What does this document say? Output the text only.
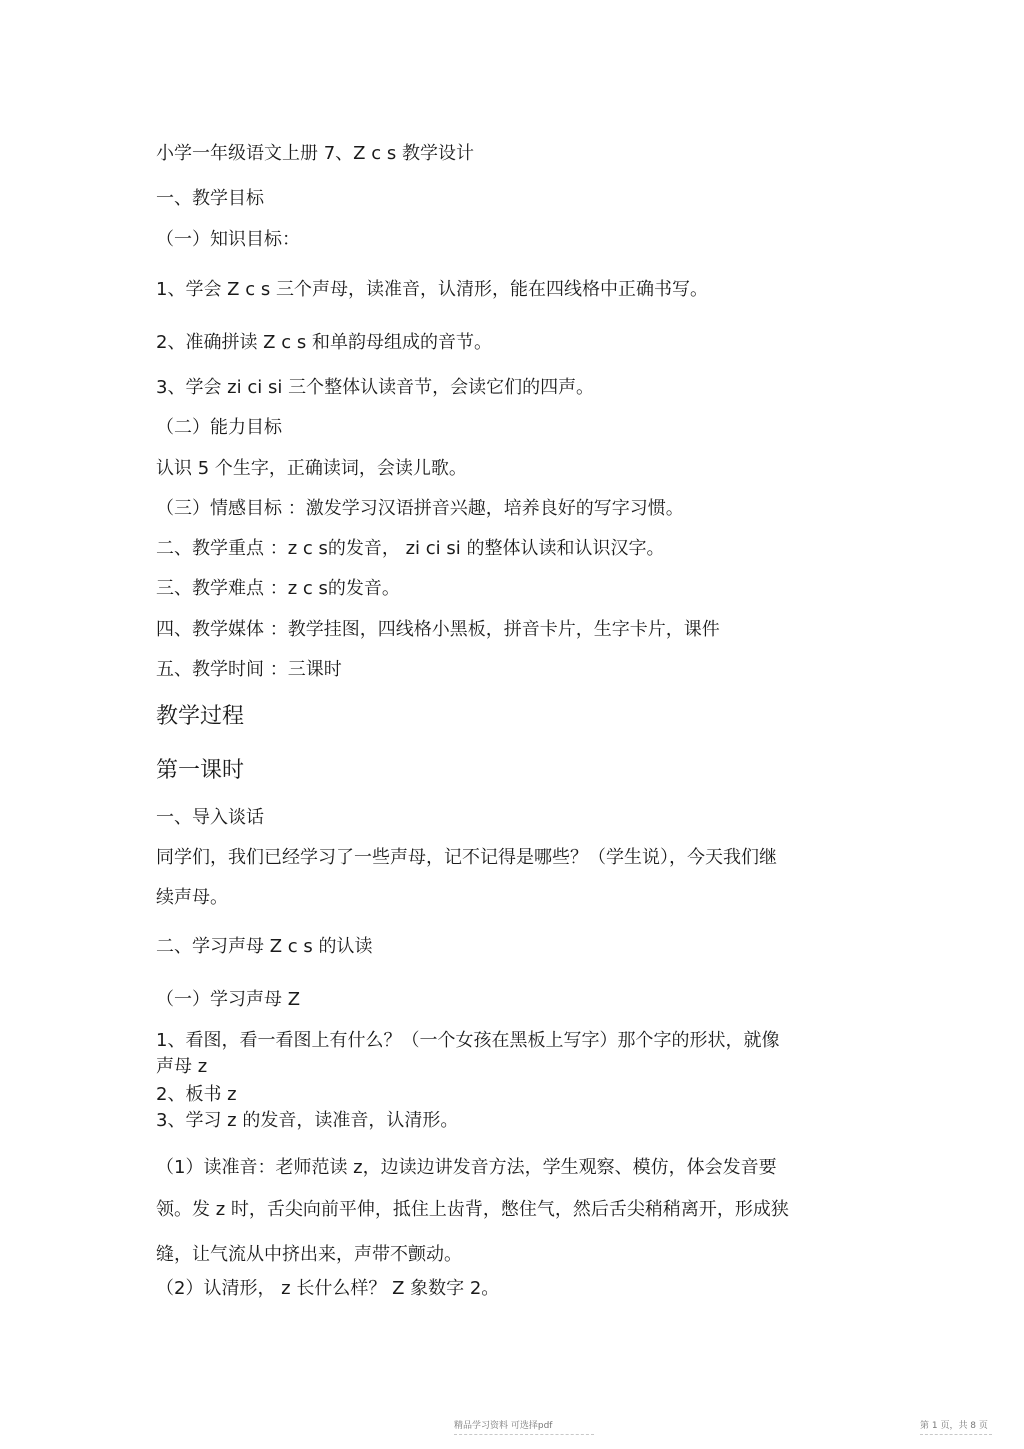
小学一年级语文上册 7、Z c s 教学设计
一、教学目标
（一）知识目标：
1、学会 Z c s 三个声母，读准音，认清形，能在四线格中正确书写。
2、准确拼读 Z c s 和单韵母组成的音节。
3、学会 zi ci si 三个整体认读音节，会读它们的四声。
（二）能力目标
认识 5 个生字，正确读词，会读儿歌。
（三）情感目标 ：激发学习汉语拼音兴趣，培养良好的写字习惯。
二、教学重点 ：z c s的发音， zi ci si 的整体认读和认识汉字。
三、教学难点 ：z c s的发音。
四、教学媒体 ：教学挂图，四线格小黑板，拼音卡片，生字卡片，课件
五、教学时间 ：三课时
教学过程
第一课时
一、导入谈话
同学们，我们已经学习了一些声母，记不记得是哪些？（学生说），今天我们继
续声母。
二、学习声母 Z c s 的认读
（一）学习声母 Z
1、看图，看一看图上有什么？（一个女孩在黑板上写字）那个字的形状，就像
声母 z
2、板书 z
3、学习 z 的发音，读准音，认清形。
（1）读准音：老师范读 z，边读边讲发音方法，学生观察、模仿，体会发音要
领。发 z 时，舌尖向前平伸，抵住上齿背，憋住气，然后舌尖稍稍离开，形成狭
缝，让气流从中挤出来，声带不颤动。
（2）认清形， z 长什么样？ Z 象数字 2。
精品学习资料 可选择pdf	第 1 页，共 8 页
